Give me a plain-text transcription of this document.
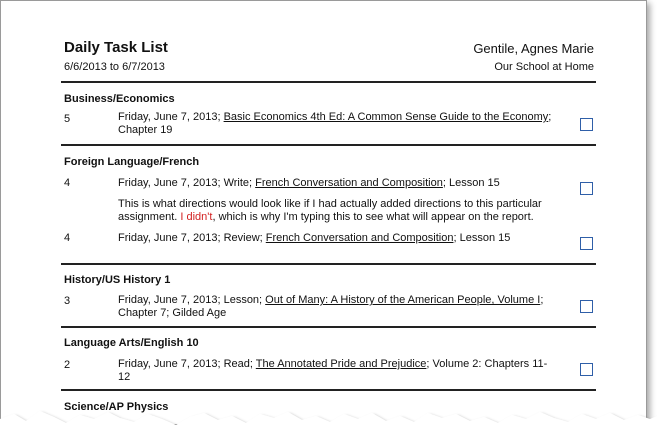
Daily Task List
6/6/2013 to 6/7/2013
Gentile, Agnes Marie
Our School at Home
Business/Economics
5	Friday, June 7, 2013; Basic Economics 4th Ed: A Common Sense Guide to the Economy;
Chapter 19
Foreign Language/French
4	Friday, June 7, 2013; Write; French Conversation and Composition; Lesson 15
This is what directions would look like if I had actually added directions to this particular
assignment. I didn't, which is why I'm typing this to see what will appear on the report.
4	Friday, June 7, 2013; Review; French Conversation and Composition; Lesson 15
History/US History 1
3	Friday, June 7, 2013; Lesson; Out of Many: A History of the American People, Volume I;
Chapter 7; Gilded Age
Language Arts/English 10
2	Friday, June 7, 2013; Read; The Annotated Pride and Prejudice; Volume 2: Chapters 11-12
Science/AP Physics
